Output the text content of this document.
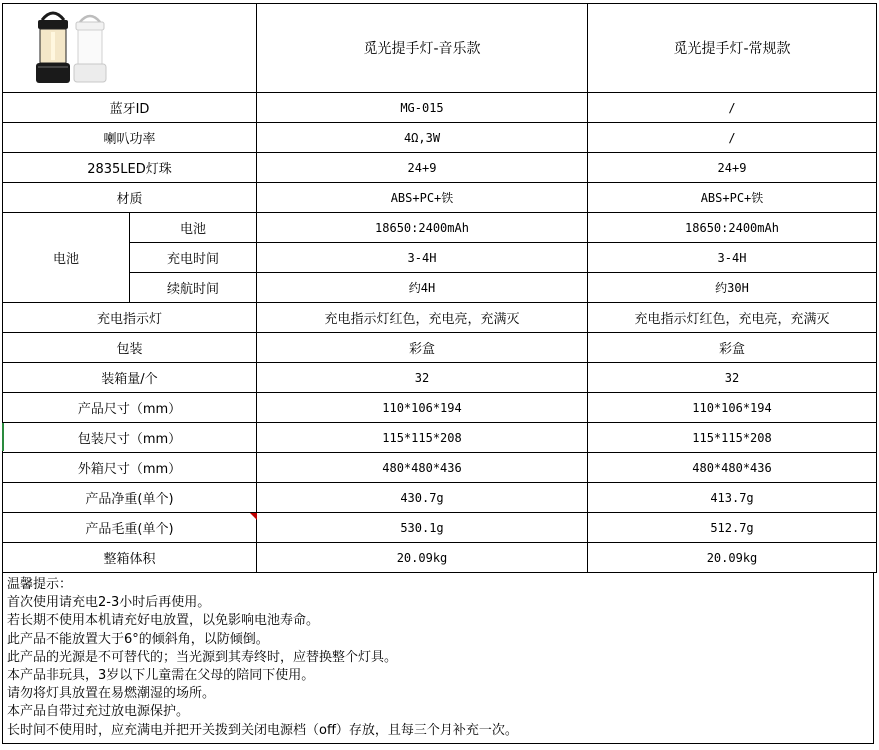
	觅光提手灯-音乐款	觅光提手灯-常规款
蓝牙ID		MG-015	/
喇叭功率		4Ω,3W	/
2835LED灯珠		24+9	24+9
材质		ABS+PC+铁	ABS+PC+铁
电池	电池	18650:2400mAh	18650:2400mAh
	充电时间	3-4H	3-4H
	续航时间	约4H	约30H
充电指示灯		充电指示灯红色，充电亮，充满灭	充电指示灯红色，充电亮，充满灭
包装		彩盒	彩盒
装箱量/个		32	32
产品尺寸（mm）		110*106*194	110*106*194
包装尺寸（mm）		115*115*208	115*115*208
外箱尺寸（mm）		480*480*436	480*480*436
产品净重(单个)		430.7g	413.7g
产品毛重(单个)		530.1g	512.7g
整箱体积		20.09kg	20.09kg
温馨提示：
首次使用请充电2-3小时后再使用。
若长期不使用本机请充好电放置，以免影响电池寿命。
此产品不能放置大于6°的倾斜角，以防倾倒。
此产品的光源是不可替代的；当光源到其寿终时，应替换整个灯具。
本产品非玩具，3岁以下儿童需在父母的陪同下使用。
请勿将灯具放置在易燃潮湿的场所。
本产品自带过充过放电源保护。
长时间不使用时，应充满电并把开关拨到关闭电源档（off）存放，且每三个月补充一次。
